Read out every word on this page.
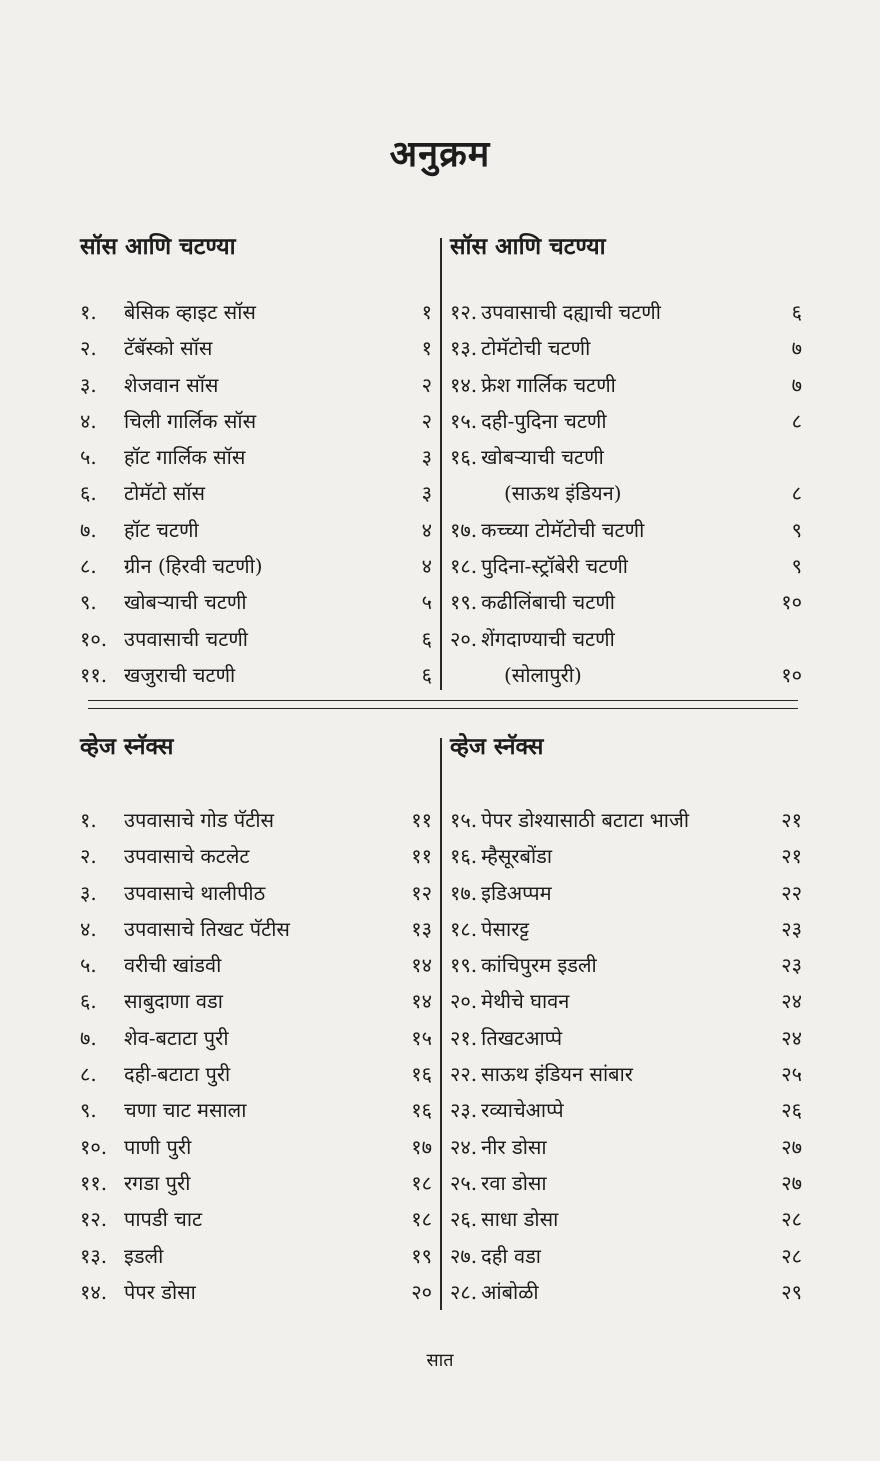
अनुक्रम
सॉस आणि चटण्या
१. बेसिक व्हाइट सॉस	१
२. टॅबॅस्को सॉस	१
३. शेजवान सॉस	२
४. चिली गार्लिक सॉस	२
५. हॉट गार्लिक सॉस	३
६. टोमॅटो सॉस	३
७. हॉट चटणी	४
८. ग्रीन (हिरवी चटणी)	४
९. खोबऱ्याची चटणी	५
१०. उपवासाची चटणी	६
११. खजुराची चटणी	६
सॉस आणि चटण्या
१२. उपवासाची दह्याची चटणी	६
१३. टोमॅटोची चटणी	७
१४. फ्रेश गार्लिक चटणी	७
१५. दही-पुदिना चटणी	८
१६. खोबऱ्याची चटणी
(साऊथ इंडियन)	८
१७. कच्च्या टोमॅटोची चटणी	९
१८. पुदिना-स्ट्रॉबेरी चटणी	९
१९. कढीलिंबाची चटणी	१०
२०. शेंगदाण्याची चटणी
(सोलापुरी)	१०
व्हेज स्नॅक्स
१. उपवासाचे गोड पॅटीस	११
२. उपवासाचे कटलेट	११
३. उपवासाचे थालीपीठ	१२
४. उपवासाचे तिखट पॅटीस	१३
५. वरीची खांडवी	१४
६. साबुदाणा वडा	१४
७. शेव-बटाटा पुरी	१५
८. दही-बटाटा पुरी	१६
९. चणा चाट मसाला	१६
१०. पाणी पुरी	१७
११. रगडा पुरी	१८
१२. पापडी चाट	१८
१३. इडली	१९
१४. पेपर डोसा	२०
व्हेज स्नॅक्स
१५. पेपर डोश्यासाठी बटाटा भाजी	२१
१६. म्हैसूरबोंडा	२१
१७. इडिअप्पम	२२
१८. पेसारट्ट	२३
१९. कांचिपुरम इडली	२३
२०. मेथीचे घावन	२४
२१. तिखटआप्पे	२४
२२. साऊथ इंडियन सांबार	२५
२३. रव्याचेआप्पे	२६
२४. नीर डोसा	२७
२५. रवा डोसा	२७
२६. साधा डोसा	२८
२७. दही वडा	२८
२८. आंबोळी	२९
सात
